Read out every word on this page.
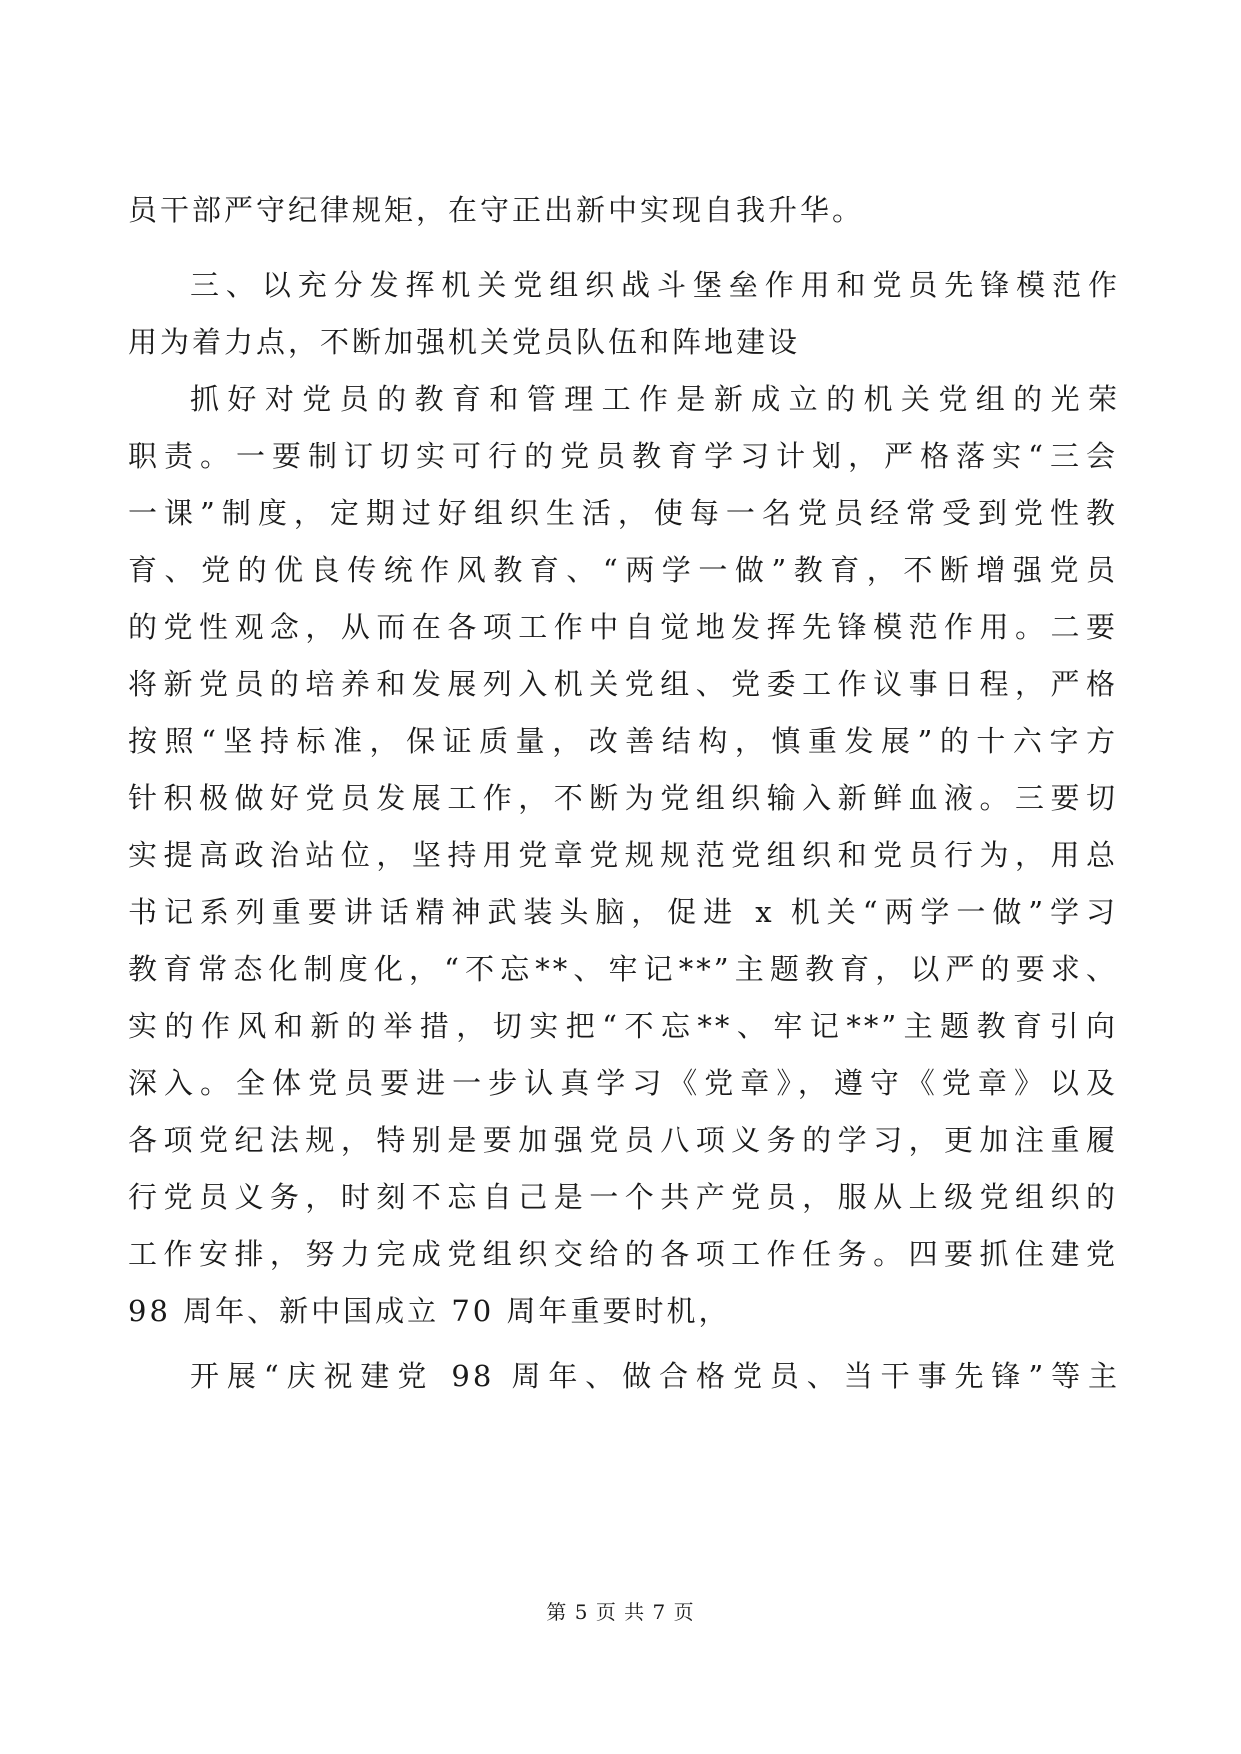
员干部严守纪律规矩，在守正出新中实现自我升华。
三、以充分发挥机关党组织战斗堡垒作用和党员先锋模范作
用为着力点，不断加强机关党员队伍和阵地建设
抓好对党员的教育和管理工作是新成立的机关党组的光荣
职责。一要制订切实可行的党员教育学习计划，严格落实“三会
一课”制度，定期过好组织生活，使每一名党员经常受到党性教
育、党的优良传统作风教育、“两学一做”教育，不断增强党员
的党性观念，从而在各项工作中自觉地发挥先锋模范作用。二要
将新党员的培养和发展列入机关党组、党委工作议事日程，严格
按照“坚持标准，保证质量，改善结构，慎重发展”的十六字方
针积极做好党员发展工作，不断为党组织输入新鲜血液。三要切
实提高政治站位，坚持用党章党规规范党组织和党员行为，用总
书记系列重要讲话精神武装头脑，促进 x 机关“两学一做”学习
教育常态化制度化，“不忘**、牢记**”主题教育，以严的要求、
实的作风和新的举措，切实把“不忘**、牢记**”主题教育引向
深入。全体党员要进一步认真学习《党章》，遵守《党章》以及
各项党纪法规，特别是要加强党员八项义务的学习，更加注重履
行党员义务，时刻不忘自己是一个共产党员，服从上级党组织的
工作安排，努力完成党组织交给的各项工作任务。四要抓住建党
98 周年、新中国成立 70 周年重要时机，
开展“庆祝建党 98 周年、做合格党员、当干事先锋”等主
第 5 页 共 7 页
